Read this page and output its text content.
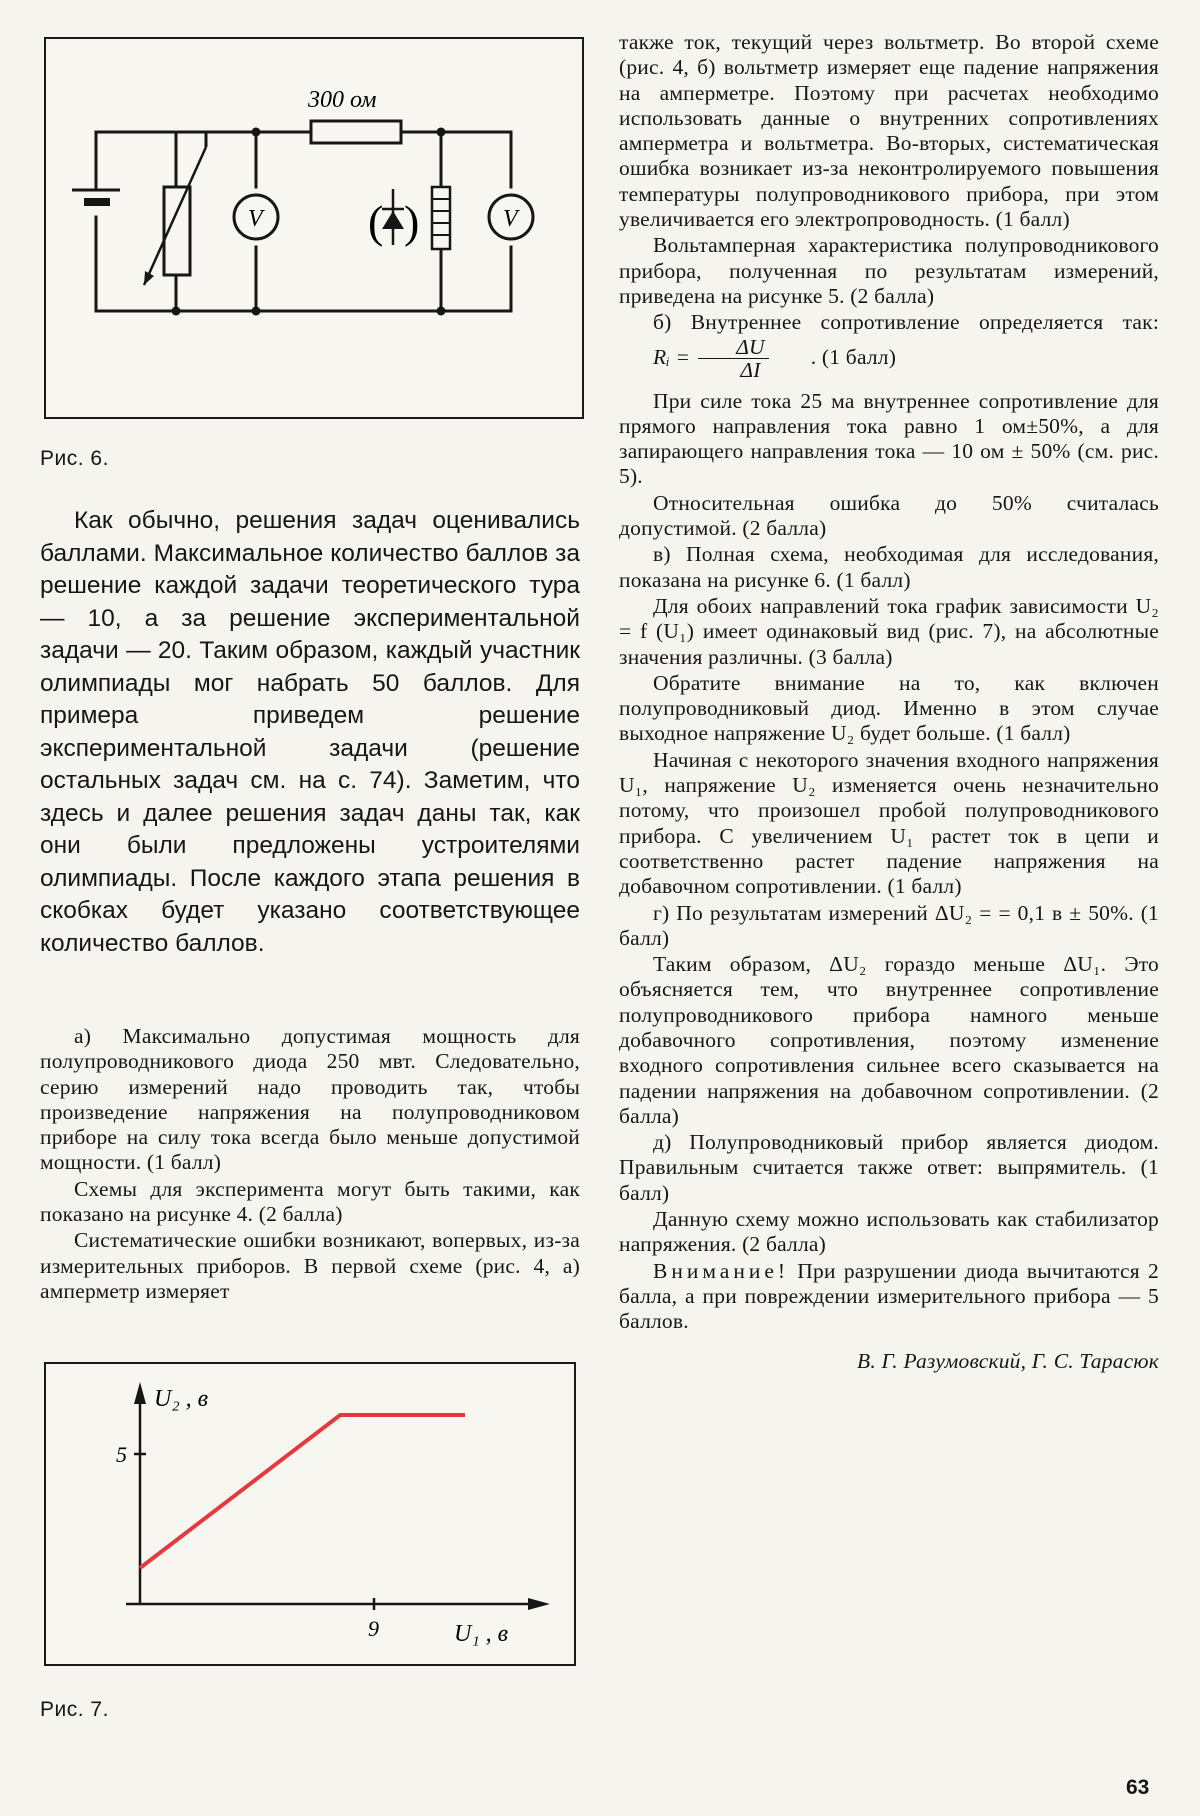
300 ом
V ( )	V
Рис. 6.
5
9
U₂ , в
U₁ , в
Рис. 7.

Как обычно, решения задач оценивались баллами. Максимальное количество баллов за решение каждой задачи теоретического тура — 10, а за решение экспериментальной задачи — 20. Таким образом, каждый участник олимпиады мог набрать 50 баллов. Для примера приведем решение экспериментальной задачи (решение остальных задач см. на с. 74). Заметим, что здесь и далее решения задач даны так, как они были предложены устроителями олимпиады. После каждого этапа решения в скобках будет указано соответствующее количество баллов.

а) Максимально допустимая мощность для полупроводникового диода 250 мвт. Следовательно, серию измерений надо проводить так, чтобы произведение напряжения на полупроводниковом приборе на силу тока всегда было меньше допустимой мощности. (1 балл)

Схемы для эксперимента могут быть такими, как показано на рисунке 4. (2 балла)

Систематические ошибки возникают, вопервых, из-за измерительных приборов. В первой схеме (рис. 4, а) амперметр измеряет

также ток, текущий через вольтметр. Во второй схеме (рис. 4, б) вольтметр измеряет еще падение напряжения на амперметре. Поэтому при расчетах необходимо использовать данные о внутренних сопротивлениях амперметра и вольтметра. Во-вторых, систематическая ошибка возникает из-за неконтролируемого повышения температуры полупроводникового прибора, при этом увеличивается его электропроводность. (1 балл)

Вольтамперная характеристика полупроводникового прибора, полученная по результатам измерений, приведена на рисунке 5. (2 балла)

б) Внутреннее сопротивление определяется так:
Rᵢ = $\frac{\Delta U}{\Delta I}$	. (1 балл)

При силе тока 25 ма внутреннее сопротивление для прямого направления тока равно 1 ом±50%, а для запирающего направления тока — 10 ом ± 50% (см. рис. 5).

Относительная ошибка до 50% считалась допустимой. (2 балла)

в) Полная схема, необходимая для исследования, показана на рисунке 6. (1 балл)

Для обоих направлений тока график зависимости U₂ = f (U₁) имеет одинаковый вид (рис. 7), на абсолютные значения различны. (3 балла)

Обратите внимание на то, как включен полупроводниковый диод. Именно в этом случае выходное напряжение U₂ будет больше. (1 балл)

Начиная с некоторого значения входного напряжения U₁, напряжение U₂ изменяется очень незначительно потому, что произошел пробой полупроводникового прибора. С увеличением U₁ растет ток в цепи и соответственно растет падение напряжения на добавочном сопротивлении. (1 балл)

г) По результатам измерений ΔU₂ = = 0,1 в ± 50%. (1 балл)

Таким образом, ΔU₂ гораздо меньше ΔU₁. Это объясняется тем, что внутреннее сопротивление полупроводникового прибора намного меньше добавочного сопротивления, поэтому изменение входного сопротивления сильнее всего сказывается на падении напряжения на добавочном сопротивлении. (2 балла)

д) Полупроводниковый прибор является диодом. Правильным считается также ответ: выпрямитель. (1 балл)

Данную схему можно использовать как стабилизатор напряжения. (2 балла)

Внимание! При разрушении диода вычитаются 2 балла, а при повреждении измерительного прибора — 5 баллов.

В. Г. Разумовский, Г. С. Тарасюк

63
